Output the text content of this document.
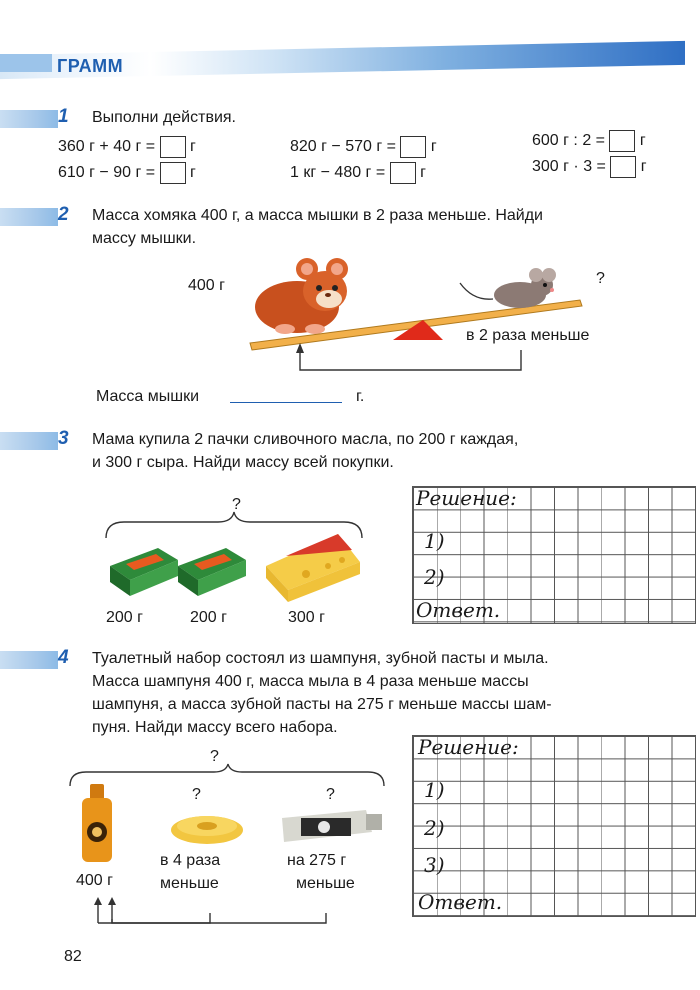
ГРАММ
1 Выполни действия.
360 г + 40 г = г
610 г − 90 г = г
820 г − 570 г = г
1 кг − 480 г = г
600 г : 2 = г
300 г · 3 = г
2 Масса хомяка 400 г, а масса мышки в 2 раза меньше. Найди
массу мышки.
400 г	?
в 2 раза меньше
Масса мышки	г.
3 Мама купила 2 пачки сливочного масла, по 200 г каждая,
и 300 г сыра. Найди массу всей покупки.
?
200 г	200 г	300 г
Решение:
1)
2)
Ответ.
4 Туалетный набор состоял из шампуня, зубной пасты и мыла.
Масса шампуня 400 г, масса мыла в 4 раза меньше массы
шампуня, а масса зубной пасты на 275 г меньше массы шам-
пуня. Найди массу всего набора.
?
?	?
в 4 раза
меньше
на 275 г
меньше
400 г
Решение:
1)
2)
3)
Ответ.
82
